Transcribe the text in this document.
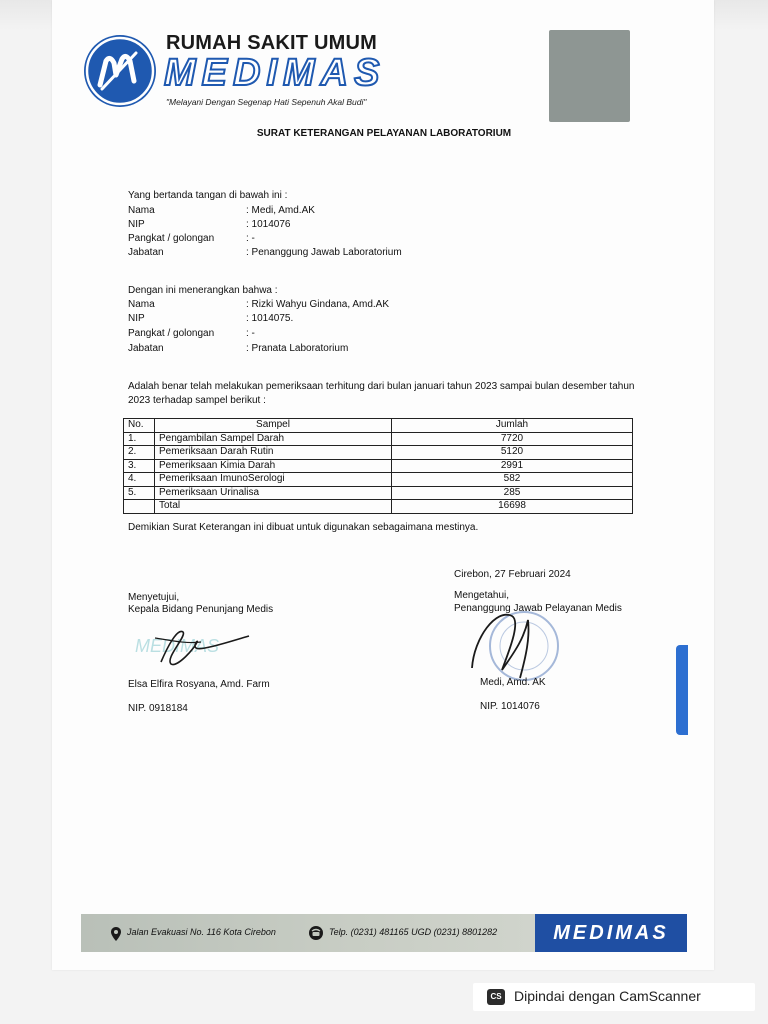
RUMAH SAKIT UMUM
MEDIMAS
"Melayani Dengan Segenap Hati Sepenuh Akal Budi"
SURAT KETERANGAN PELAYANAN LABORATORIUM
Yang bertanda tangan di bawah ini :
Nama	: Medi, Amd.AK
NIP	: 1014076
Pangkat / golongan	: -
Jabatan	: Penanggung Jawab Laboratorium
Dengan ini menerangkan bahwa :
Nama	: Rizki Wahyu Gindana, Amd.AK
NIP	: 1014075.
Pangkat / golongan	: -
Jabatan	: Pranata Laboratorium
Adalah benar telah melakukan pemeriksaan terhitung dari bulan januari tahun 2023 sampai bulan desember tahun 2023 terhadap sampel berikut :
No.	Sampel	Jumlah
1.	Pengambilan Sampel Darah	7720
2.	Pemeriksaan Darah Rutin	5120
3.	Pemeriksaan Kimia Darah	2991
4.	Pemeriksaan ImunoSerologi	582
5.	Pemeriksaan Urinalisa	285
	Total	16698
Demikian Surat Keterangan ini dibuat untuk digunakan sebagaimana mestinya.
Cirebon, 27 Februari 2024
Menyetujui,
Kepala Bidang Penunjang Medis
Mengetahui,
Penanggung Jawab Pelayanan Medis
MEDIMAS
Elsa Elfira Rosyana, Amd. Farm
NIP. 0918184
Medi, Amd. AK
NIP. 1014076
Jalan Evakuasi No. 116 Kota Cirebon	Telp. (0231) 481165 UGD (0231) 8801282	MEDIMAS
CS Dipindai dengan CamScanner
